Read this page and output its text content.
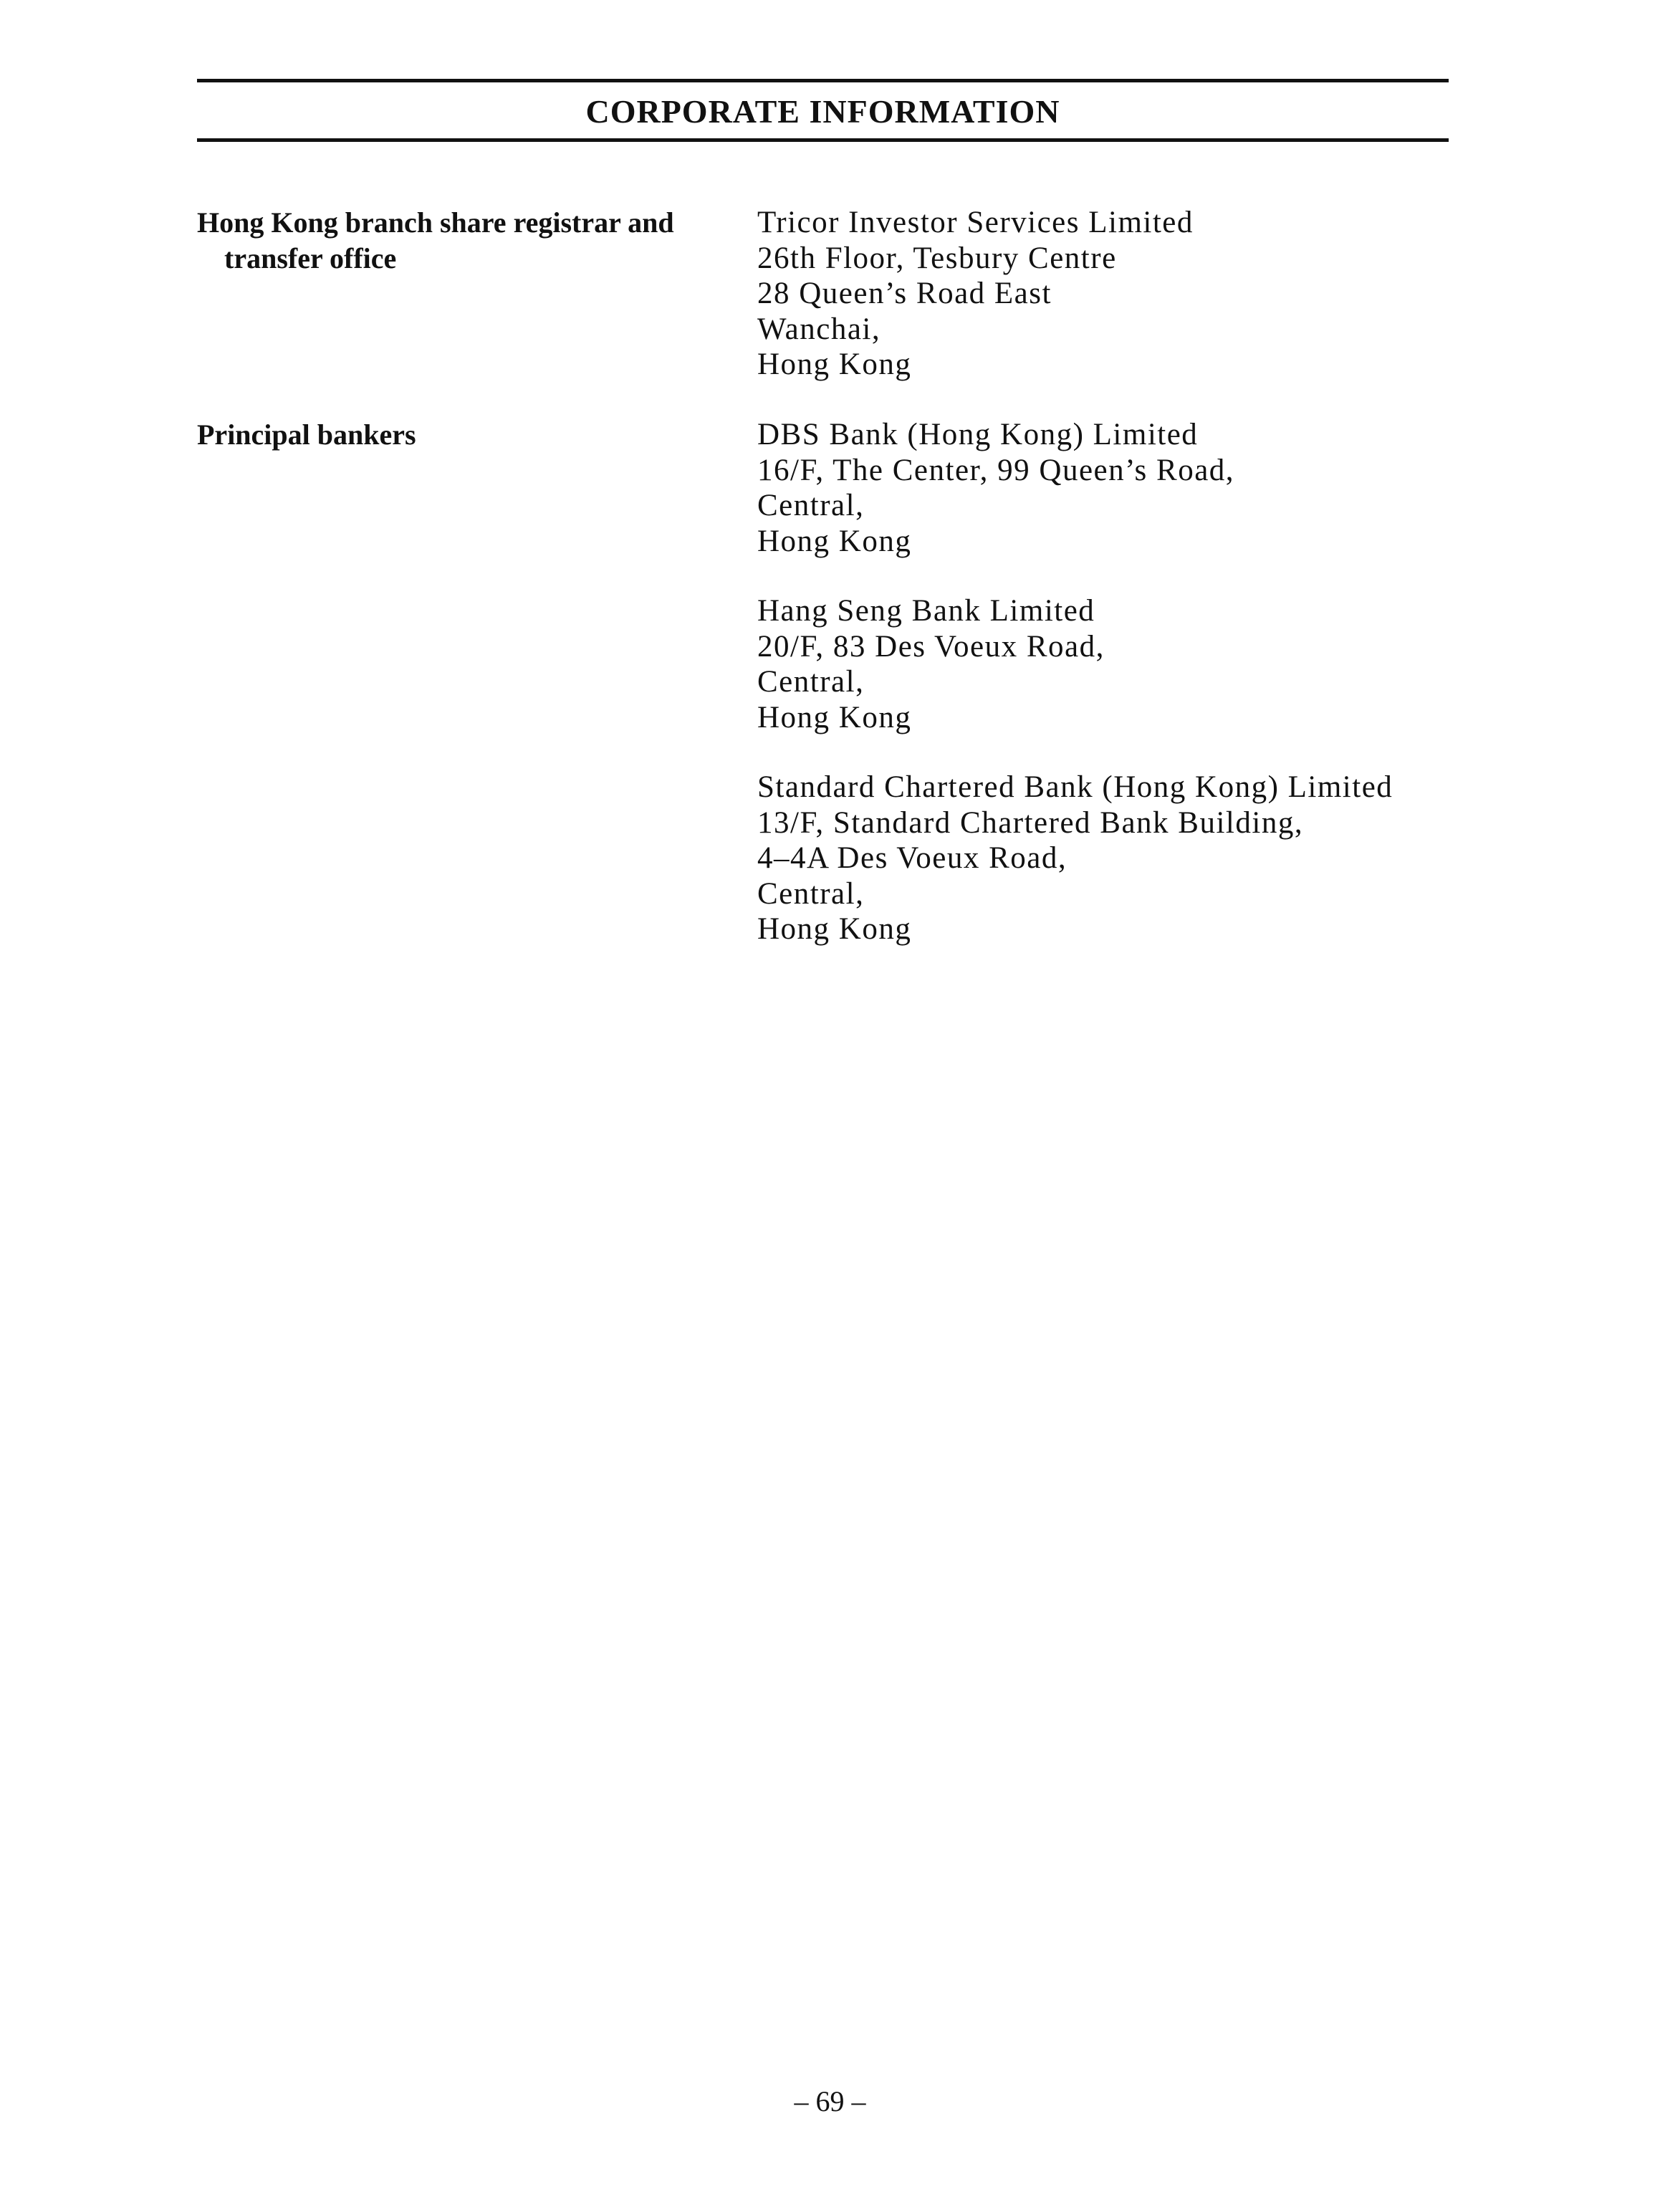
CORPORATE INFORMATION
Hong Kong branch share registrar and
transfer office
Tricor Investor Services Limited
26th Floor, Tesbury Centre
28 Queen’s Road East
Wanchai,
Hong Kong
Principal bankers	DBS Bank (Hong Kong) Limited
16/F, The Center, 99 Queen’s Road,
Central,
Hong Kong
Hang Seng Bank Limited
20/F, 83 Des Voeux Road,
Central,
Hong Kong
Standard Chartered Bank (Hong Kong) Limited
13/F, Standard Chartered Bank Building,
4–4A Des Voeux Road,
Central,
Hong Kong
– 69 –
